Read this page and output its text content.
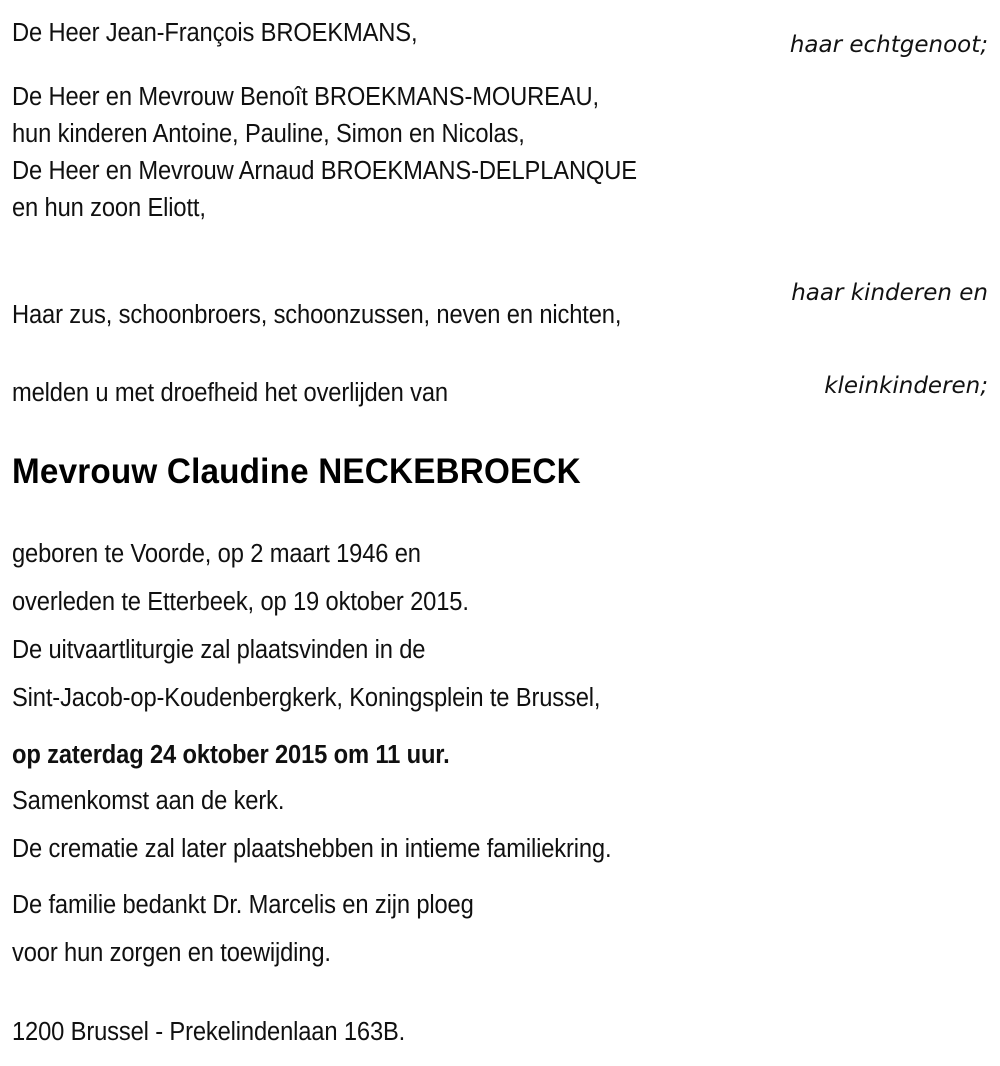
De Heer Jean-François BROEKMANS,	haar echtgenoot;
De Heer en Mevrouw Benoît BROEKMANS-MOUREAU,
hun kinderen Antoine, Pauline, Simon en Nicolas,
De Heer en Mevrouw Arnaud BROEKMANS-DELPLANQUE
en hun zoon Eliott,

haar kinderen en

kleinkinderen;

Haar zus, schoonbroers, schoonzussen, neven en nichten,
melden u met droefheid het overlijden van
Mevrouw Claudine NECKEBROECK
geboren te Voorde, op 2 maart 1946 en
overleden te Etterbeek, op 19 oktober 2015.
De uitvaartliturgie zal plaatsvinden in de
Sint-Jacob-op-Koudenbergkerk, Koningsplein te Brussel,
op zaterdag 24 oktober 2015 om 11 uur.
Samenkomst aan de kerk.
De crematie zal later plaatshebben in intieme familiekring.
De familie bedankt Dr. Marcelis en zijn ploeg
voor hun zorgen en toewijding.
1200 Brussel - Prekelindenlaan 163B.
